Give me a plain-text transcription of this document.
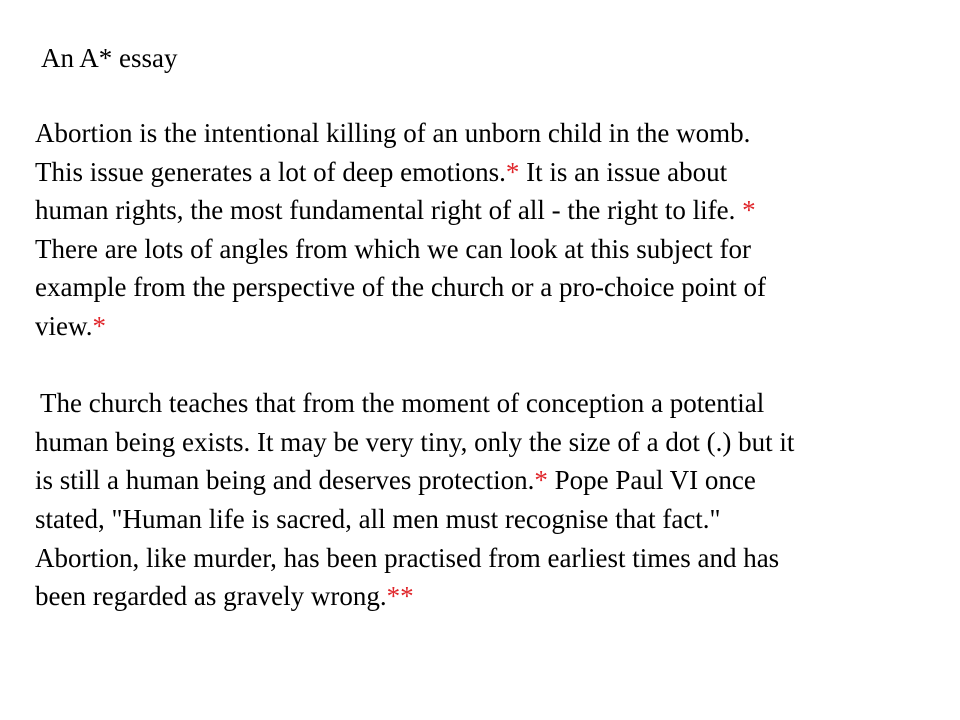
An A* essay
Abortion is the intentional killing of an unborn child in the womb.
This issue generates a lot of deep emotions.* It is an issue about
human rights, the most fundamental right of all - the right to life. *
There are lots of angles from which we can look at this subject for
example from the perspective of the church or a pro-choice point of
view.*
The church teaches that from the moment of conception a potential
human being exists. It may be very tiny, only the size of a dot (.) but it
is still a human being and deserves protection.* Pope Paul VI once
stated, "Human life is sacred, all men must recognise that fact."
Abortion, like murder, has been practised from earliest times and has
been regarded as gravely wrong.**
